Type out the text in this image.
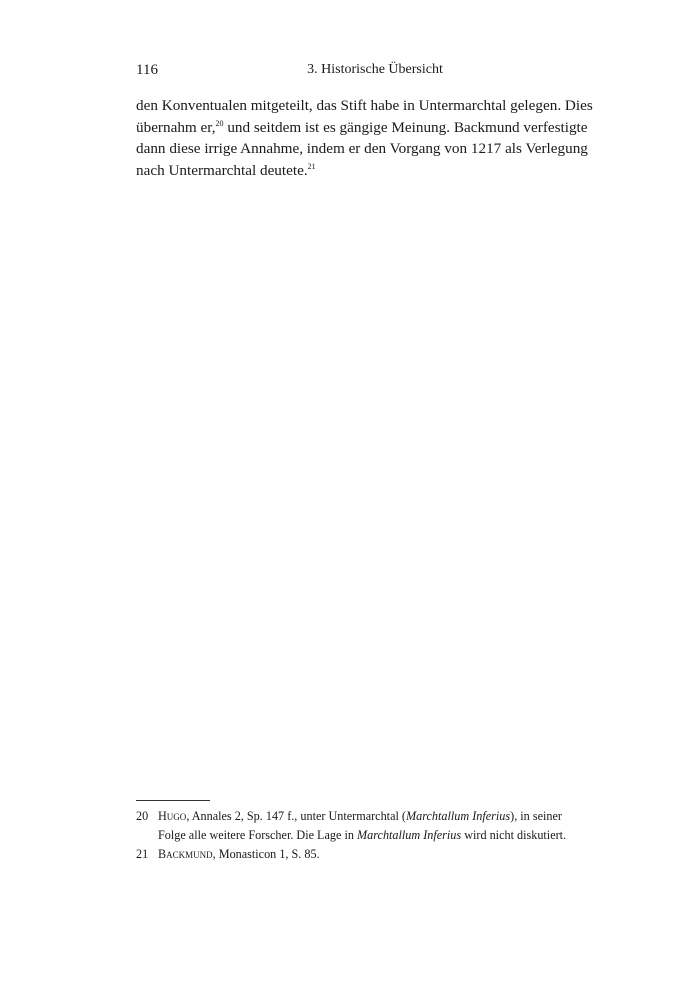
116	3. Historische Übersicht
den Konventualen mitgeteilt, das Stift habe in Untermarchtal gelegen. Dies
übernahm er,$^{20}$ und seitdem ist es gängige Meinung. Backmund verfestigte
dann diese irrige Annahme, indem er den Vorgang von 1217 als Verlegung
nach Untermarchtal deutete.$^{21}$
20 Hugo, Annales 2, Sp. 147 f., unter Untermarchtal (Marchtallum Inferius), in seiner
Folge alle weitere Forscher. Die Lage in Marchtallum Inferius wird nicht diskutiert.
21 Backmund, Monasticon 1, S. 85.
